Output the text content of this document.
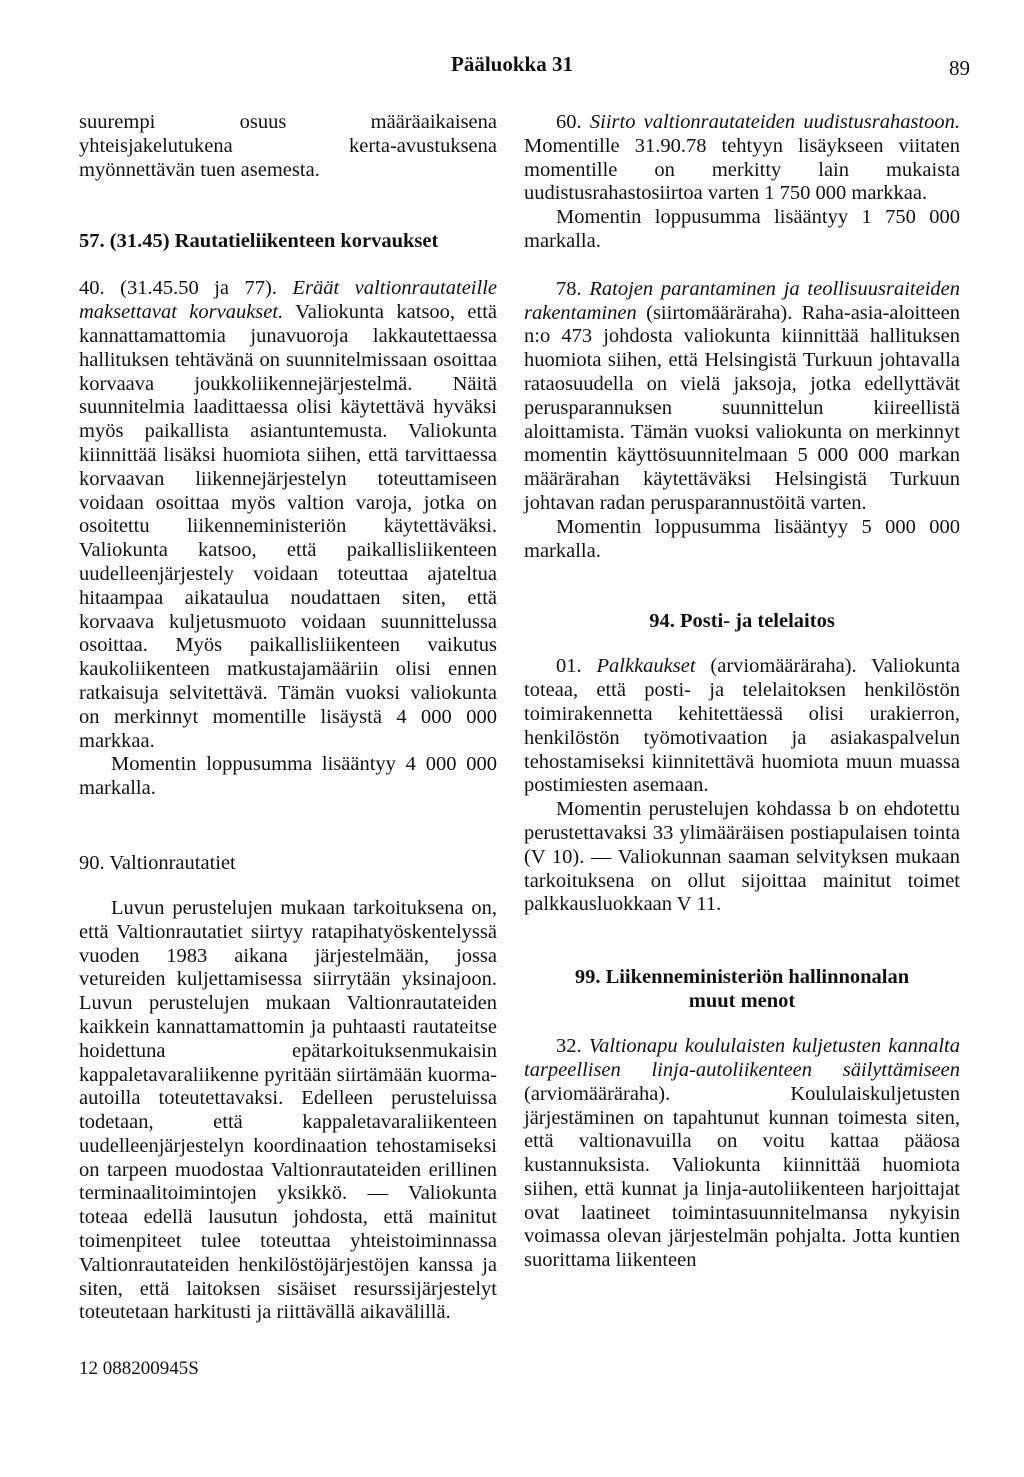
Pääluokka 31	89

suurempi osuus määräaikaisena yhteisjakelutukena kerta-avustuksena myönnettävän tuen asemesta.

57. (31.45) Rautatieliikenteen korvaukset

40. (31.45.50 ja 77). Eräät valtionrautateille maksettavat korvaukset. Valiokunta katsoo, että kannattamattomia junavuoroja lakkautettaessa hallituksen tehtävänä on suunnitelmissaan osoittaa korvaava joukkoliikennejärjestelmä. Näitä suunnitelmia laadittaessa olisi käytettävä hyväksi myös paikallista asiantuntemusta. Valiokunta kiinnittää lisäksi huomiota siihen, että tarvittaessa korvaavan liikennejärjestelyn toteuttamiseen voidaan osoittaa myös valtion varoja, jotka on osoitettu liikenneministeriön käytettäväksi. Valiokunta katsoo, että paikallisliikenteen uudelleenjärjestely voidaan toteuttaa ajateltua hitaampaa aikataulua noudattaen siten, että korvaava kuljetusmuoto voidaan suunnittelussa osoittaa. Myös paikallisliikenteen vaikutus kaukoliikenteen matkustajamääriin olisi ennen ratkaisuja selvitettävä. Tämän vuoksi valiokunta on merkinnyt momentille lisäystä 4 000 000 markkaa.

Momentin loppusumma lisääntyy 4 000 000 markalla.

90. Valtionrautatiet

Luvun perustelujen mukaan tarkoituksena on, että Valtionrautatiet siirtyy ratapihatyöskentelyssä vuoden 1983 aikana järjestelmään, jossa vetureiden kuljettamisessa siirrytään yksinajoon. Luvun perustelujen mukaan Valtionrautateiden kaikkein kannattamattomin ja puhtaasti rautateitse hoidettuna epätarkoituksenmukaisin kappaletavaraliikenne pyritään siirtämään kuorma-autoilla toteutettavaksi. Edelleen perusteluissa todetaan, että kappaletavaraliikenteen uudelleenjärjestelyn koordinaation tehostamiseksi on tarpeen muodostaa Valtionrautateiden erillinen terminaalitoimintojen yksikkö. — Valiokunta toteaa edellä lausutun johdosta, että mainitut toimenpiteet tulee toteuttaa yhteistoiminnassa Valtionrautateiden henkilöstöjärjestöjen kanssa ja siten, että laitoksen sisäiset resurssijärjestelyt toteutetaan harkitusti ja riittävällä aikavälillä.

60. Siirto valtionrautateiden uudistusrahastoon. Momentille 31.90.78 tehtyyn lisäykseen viitaten momentille on merkitty lain mukaista uudistusrahastosiirtoa varten 1 750 000 markkaa.

Momentin loppusumma lisääntyy 1 750 000 markalla.

78. Ratojen parantaminen ja teollisuusraiteiden rakentaminen (siirtomääräraha). Raha-asia-aloitteen n:o 473 johdosta valiokunta kiinnittää hallituksen huomiota siihen, että Helsingistä Turkuun johtavalla rataosuudella on vielä jaksoja, jotka edellyttävät perusparannuksen suunnittelun kiireellistä aloittamista. Tämän vuoksi valiokunta on merkinnyt momentin käyttösuunnitelmaan 5 000 000 markan määrärahan käytettäväksi Helsingistä Turkuun johtavan radan perusparannustöitä varten.

Momentin loppusumma lisääntyy 5 000 000 markalla.

94. Posti- ja telelaitos

01. Palkkaukset (arviomääräraha). Valiokunta toteaa, että posti- ja telelaitoksen henkilöstön toimirakennetta kehitettäessä olisi urakierron, henkilöstön työmotivaation ja asiakaspalvelun tehostamiseksi kiinnitettävä huomiota muun muassa postimiesten asemaan.

Momentin perustelujen kohdassa b on ehdotettu perustettavaksi 33 ylimääräisen postiapulaisen tointa (V 10). — Valiokunnan saaman selvityksen mukaan tarkoituksena on ollut sijoittaa mainitut toimet palkkausluokkaan V 11.

99. Liikenneministeriön hallinnonalan

muut menot

32. Valtionapu koululaisten kuljetusten kannalta tarpeellisen linja-autoliikenteen säilyttämiseen (arviomääräraha). Koululaiskuljetusten järjestäminen on tapahtunut kunnan toimesta siten, että valtionavuilla on voitu kattaa pääosa kustannuksista. Valiokunta kiinnittää huomiota siihen, että kunnat ja linja-autoliikenteen harjoittajat ovat laatineet toimintasuunnitelmansa nykyisin voimassa olevan järjestelmän pohjalta. Jotta kuntien suorittama liikenteen

12 088200945S
